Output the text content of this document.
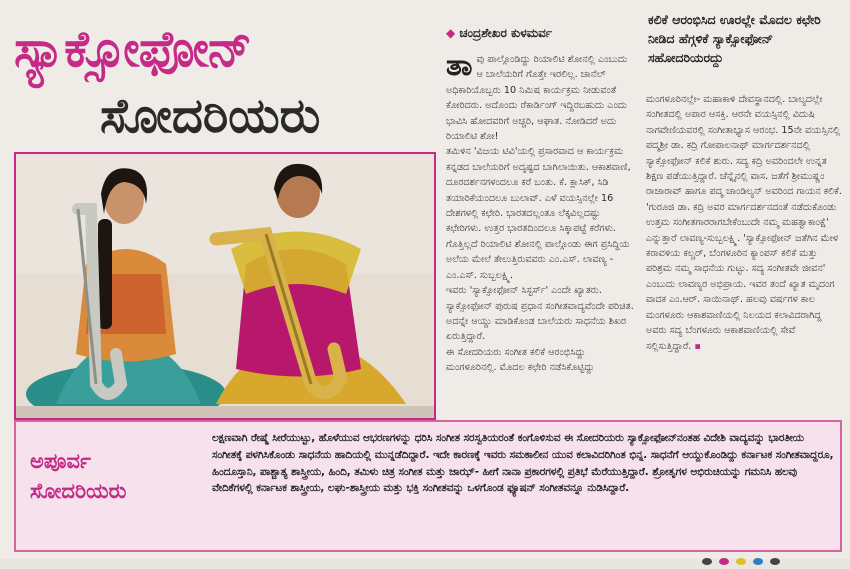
ಸ್ಯಾಕ್ಸೋಫೋನ್
ಸೋದರಿಯರು
◆ ಚಂದ್ರಶೇಖರ ಕುಳಮರ್ವ
ಕಲಿಕೆ ಆರಂಭಿಸಿದ ಊರಲ್ಲೇ ಮೊದಲ ಕಛೇರಿ ನೀಡಿದ ಹೆಗ್ಗಳಿಕೆ ಸ್ಯಾಕ್ಸೋಫೋನ್ ಸಹೋದರಿಯರದ್ದು

ತಾ ವು ಪಾಲ್ಗೊಂಡಿದ್ದು ರಿಯಾಲಿಟಿ ಶೋನಲ್ಲಿ ಎಂಬುದು ಆ ಬಾಲೆಯರಿಗೆ ಗೊತ್ತೇ ಇರಲಿಲ್ಲ. ಚಾನೆಲ್ ಅಧಿಕಾರಿಯೊಬ್ಬರು 10 ನಿಮಿಷ ಕಾರ್ಯಕ್ರಮ ನೀಡುವಂತೆ ಕೋರಿದರು. ಅದೊಂದು ರೆಕಾರ್ಡಿಂಗ್ ಇದ್ದಿರಬಹುದು ಎಂದು ಭಾವಿಸಿ ಹೋದವರಿಗೆ ಅಚ್ಚರಿ, ಆಘಾತ. ನೋಡಿದರೆ ಅದು ರಿಯಾಲಿಟಿ ಶೋ!

ತಮಿಳಿನ 'ವಿಜಯ ಟಿವಿ'ಯಲ್ಲಿ ಪ್ರಸಾರವಾದ ಆ ಕಾರ್ಯಕ್ರಮ ಕನ್ನಡದ ಬಾಲೆಯರಿಗೆ ಅದೃಷ್ಟದ ಬಾಗಿಲಾಯಿತು. ಆಕಾಶವಾಣಿ, ದೂರದರ್ಶನಗಳಂದಲೂ ಕರೆ ಬಂತು. ಕೆ. ಕ್ಲಾಸಿಕ್, ಸಿಡಿ ತಯಾರಿಕೆಯಂದಲೂ ಬುಲಾವ್. ಎಳೆ ವಯಸ್ಸಿನಲ್ಲೇ 16 ದೇಶಗಳಲ್ಲಿ ಕಛೇರಿ. ಭಾರತದಲ್ಲಂತೂ ಲೆಕ್ಕವಿಲ್ಲದಷ್ಟು ಕಛೇರಿಗಳು. ಉತ್ತರ ಭಾರತದಿಂದಲೂ ಸಿಕ್ಕಾಪಟ್ಟೆ ಕರೆಗಳು. ಗೊತ್ತಿಲ್ಲದೆ ರಿಯಾಲಿಟಿ ಶೋನಲ್ಲಿ ಪಾಲ್ಗೊಂಡು ಈಗ ಪ್ರಸಿದ್ಧಿಯ ಅಲೆಯ ಮೇಲೆ ತೇಲುತ್ತಿರುವವರು ಎಂ.ಎಸ್. ಲಾವಣ್ಯ - ಎಂ.ಎಸ್. ಸುಬ್ಬಲಕ್ಷ್ಮಿ.

ಇವರು 'ಸ್ಯಾಕ್ಸೋಫೋನ್ ಸಿಸ್ಟರ್ಸ್' ಎಂದೇ ಖ್ಯಾತರು. ಸ್ಯಾಕ್ಸೋಫೋನ್ ಪುರುಷ ಪ್ರಧಾನ ಸಂಗೀತವಾದ್ಯವೆಂದೇ ಪರಿಚಿತ. ಅದನ್ನೇ ಆಯ್ದು ಮಾಡಿಕೊಂಡ ಬಾಲೆಯರು ಸಾಧನೆಯ ಶಿಖರ ಏರುತ್ತಿದ್ದಾರೆ.

ಈ ಸೋದರಿಯರು ಸಂಗೀತ ಕಲಿಕೆ ಆರಂಭಿಸಿದ್ದು ಮಂಗಳೂರಿನಲ್ಲಿ. ಮೊದಲ ಕಛೇರಿ ನಡೆಸಿಕೊಟ್ಟಿದ್ದು

ಮಂಗಳೂರಿನಲ್ಲೇ- ಮಹಾಕಾಳಿ ದೇವಸ್ಥಾನದಲ್ಲಿ. ಬಾಲ್ಯದಲ್ಲೇ ಸಂಗೀತದಲ್ಲಿ ಅಪಾರ ಆಸಕ್ತಿ. ಆರನೇ ವಯಸ್ಸಿನಲ್ಲಿ ವಿದುಷಿ ನಾಗವೇಣಿಯವರಲ್ಲಿ ಸಂಗೀತಾಭ್ಯಾಸ ಆರಂಭ. 15ನೇ ವಯಸ್ಸಿನಲ್ಲಿ ಪದ್ಮಶ್ರೀ ಡಾ. ಕದ್ರಿ ಗೋಪಾಲನಾಥ್ ಮಾರ್ಗದರ್ಶನದಲ್ಲಿ ಸ್ಯಾಕ್ಸೋಫೋನ್ ಕಲಿಕೆ ಶುರು. ಸದ್ಯ ಕದ್ರಿ ಅವರಿಂದಲೇ ಉನ್ನತ ಶಿಕ್ಷಣ ಪಡೆಯುತ್ತಿದ್ದಾರೆ. ಚೆನ್ನೈನಲ್ಲಿ ವಾಸ. ಜತೆಗೆ ಶ್ರೀಮುಷ್ಣಂ ರಾಜಾರಾವ್ ಹಾಗೂ ಪದ್ಮ ಚಾಂಡಿಲ್ಯನ್ ಅವರಿಂದ ಗಾಯನ ಕಲಿಕೆ.

'ಗುರೂಜಿ ಡಾ. ಕದ್ರಿ ಅವರ ಮಾರ್ಗದರ್ಶನದಂತೆ ನಡೆದುಕೊಂಡು ಉತ್ತಮ ಸಂಗೀತಗಾರರಾಗಬೇಕೆಂಬುದೇ ನಮ್ಮ ಮಹತ್ವಾಕಾಂಕ್ಷೆ' ಎನ್ನುತ್ತಾರೆ ಲಾವಣ್ಯ-ಸುಬ್ಬಲಕ್ಷ್ಮಿ. 'ಸ್ಯಾಕ್ಸೋಫೋನ್ ಜತೆಗಿನ ಮೇಳ ಕರಾವಳಿಯ ಕಲ್ಚರ್, ಬೆಂಗಳೂರಿನ ಕ್ಯಾಂಪಸ್ ಕಲಿಕೆ ಮತ್ತು ಪರಿಶ್ರಮ ನಮ್ಮ ಸಾಧನೆಯ ಗುಟ್ಟು. ಸದ್ಯ ಸಂಗೀತವೇ ಜೀವನ' ಎಂಬುದು ಲಾವಣ್ಯರ ಅಭಿಪ್ರಾಯ. ಇವರ ತಂದೆ ಖ್ಯಾತ ಮೃದಂಗ ವಾದಕ ಎಂ.ಆರ್. ಸಾಯಿನಾಥ್. ಹಲವು ವರ್ಷಗಳ ಕಾಲ ಮಂಗಳೂರು ಆಕಾಶವಾಣಿಯಲ್ಲಿ ನಿಲಯದ ಕಲಾವಿದರಾಗಿದ್ದ ಅವರು ಸದ್ಯ ಬೆಂಗಳೂರು ಆಕಾಶವಾಣಿಯಲ್ಲಿ ಸೇವೆ ಸಲ್ಲಿಸುತ್ತಿದ್ದಾರೆ. ▪

ಅಪೂರ್ವ
ಸೋದರಿಯರು
ಲಕ್ಷಣವಾಗಿ ರೇಷ್ಮೆ ಸೀರೆಯುಟ್ಟು, ಹೊಳೆಯುವ ಆಭರಣಗಳನ್ನು ಧರಿಸಿ ಸಂಗೀತ ಸರಸ್ವತಿಯರಂತೆ ಕಂಗೊಳಿಸುವ ಈ ಸೋದರಿಯರು ಸ್ಯಾಕ್ಸೋಫೋನ್‌ನಂತಹ ವಿದೇಶಿ ವಾದ್ಯವನ್ನು ಭಾರತೀಯ ಸಂಗೀತಕ್ಕೆ ಪಳಗಿಸಿಕೊಂಡು ಸಾಧನೆಯ ಹಾದಿಯಲ್ಲಿ ಮುನ್ನಡೆದಿದ್ದಾರೆ. ಇದೇ ಕಾರಣಕ್ಕೆ ಇವರು ಸಮಕಾಲೀನ ಯುವ ಕಲಾವಿದರಿಗಿಂತ ಭಿನ್ನ. ಸಾಧನೆಗೆ ಆಯ್ದುಕೊಂಡಿದ್ದು ಕರ್ನಾಟಕ ಸಂಗೀತವಾದ್ದರೂ, ಹಿಂದೂಸ್ತಾನಿ, ಪಾಶ್ಚಾತ್ಯ ಶಾಸ್ತ್ರೀಯ, ಹಿಂದಿ, ತಮಿಳು ಚಿತ್ರ ಸಂಗೀತ ಮತ್ತು ಜಾಝ್- ಹೀಗೆ ನಾನಾ ಪ್ರಕಾರಗಳಲ್ಲಿ ಪ್ರತಿಭೆ ಮೆರೆಯುತ್ತಿದ್ದಾರೆ. ಶ್ರೋತೃಗಳ ಅಭಿರುಚಿಯನ್ನು ಗಮನಿಸಿ ಹಲವು ವೇದಿಕೆಗಳಲ್ಲಿ ಕರ್ನಾಟಕ ಶಾಸ್ತ್ರೀಯ, ಲಘು-ಶಾಸ್ತ್ರೀಯ ಮತ್ತು ಭಕ್ತಿ ಸಂಗೀತವನ್ನು ಒಳಗೊಂಡ ಫ್ಯೂಷನ್ ಸಂಗೀತವನ್ನೂ ನುಡಿಸಿದ್ದಾರೆ.
